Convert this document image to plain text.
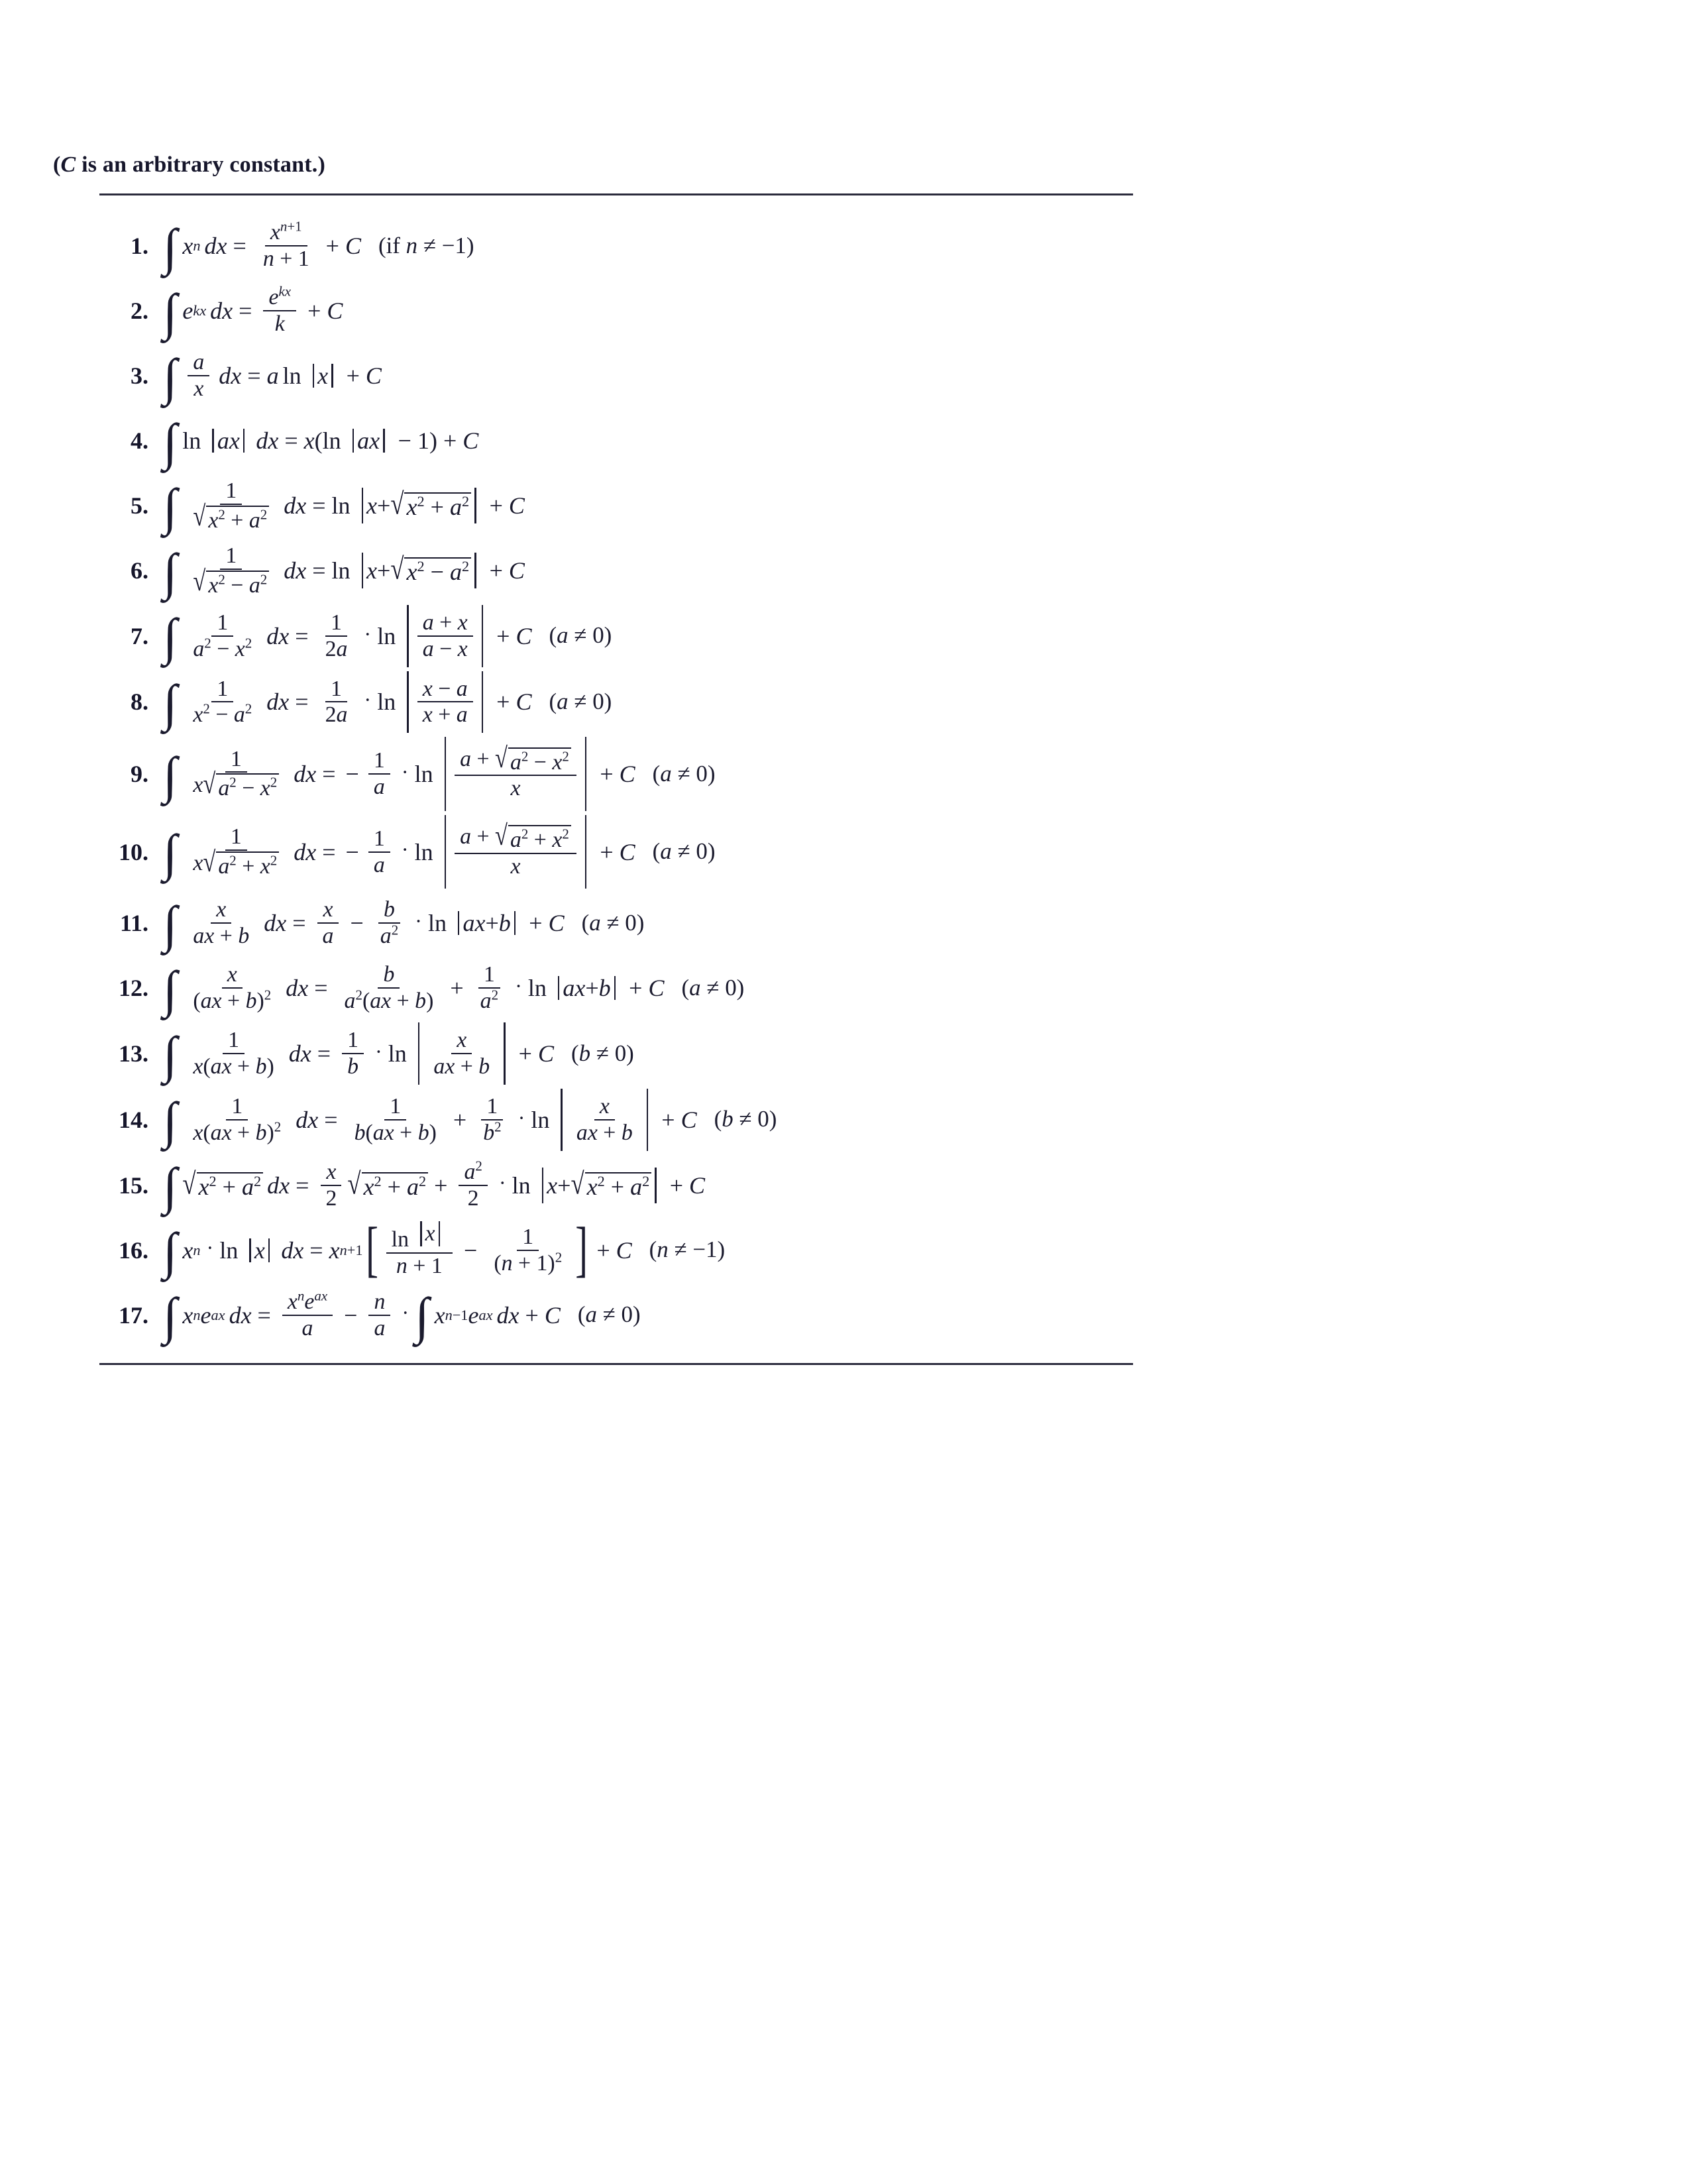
(C is an arbitrary constant.)
1. ∫ x n dx = $\frac{x^{n+1}}{n + 1} + C$ (if n ≠ −1)
2. ∫ e kx dx = $\frac{e^{kx}}{k} + C$
3. ∫ $\frac{a}{x}$ dx = a ln x + C
4. ∫ ln ax dx = x ( ln ax − 1) + C
5. ∫ $\frac{1}{√ x^2 + a^2}$ dx = ln x + √ $x^2 + a^2 + C$
6. ∫ $\frac{1}{√ x^2 - a^2}$ dx = ln x + √ $x^2 - a^2 + C$
7. ∫ $\frac{1}{a^2 - x^2}$ dx = $\frac{1}{2a} \cdot \ln \frac{a + x}{a - x} + C$ (a ≠ 0)
8. ∫ $\frac{1}{x^2 - a^2}$ dx = $\frac{1}{2a} \cdot \ln \frac{x - a}{x + a} + C$ (a ≠ 0)
9. ∫ $\frac{1}{x √ a^2 - x^2}$ dx = − $\frac{1}{a} \cdot \ln \frac{a + √ a^2 - x^2}{x} + C$ (a ≠ 0)
10. ∫ $\frac{1}{x √ a^2 + x^2}$ dx = − $\frac{1}{a} \cdot \ln \frac{a + √ a^2 + x^2}{x} + C$ (a ≠ 0)
11. ∫ $\frac{x}{ax + b}$ dx = $\frac{x}{a} - \frac{b}{a^2} \cdot \ln$ ax + b + C (a ≠ 0)
12. ∫ $\frac{x}{(ax + b)^2}$ dx = $\frac{b}{a^2(ax + b)} + \frac{1}{a^2} \cdot \ln$ ax + b + C (a ≠ 0)
13. ∫ $\frac{1}{x(ax + b)}$ dx = $\frac{1}{b} \cdot \ln \frac{x}{ax + b} + C$ (b ≠ 0)
14. ∫ $\frac{1}{x(ax + b)^2}$ dx = $\frac{1}{b(ax + b)} + \frac{1}{b^2} \cdot \ln \frac{x}{ax + b} + C$ (b ≠ 0)
15. ∫ √ $x^2 + a^2$ dx = $\frac{x}{2}$ √ $x^2 + a^2 + \frac{a^2}{2} \cdot \ln x$ + √ $x^2 + a^2 + C$
16. ∫ x n · ln x dx = x n+1 [ $\frac{\text{ln x}}{n + 1} - \frac{1}{(n + 1)^2}$ ] + C (n ≠ −1)
17. ∫ x n e ax dx = $\frac{x^ne^{ax}}{a} - \frac{n}{a}$ · ∫ x n−1 e ax dx + C (a ≠ 0)
